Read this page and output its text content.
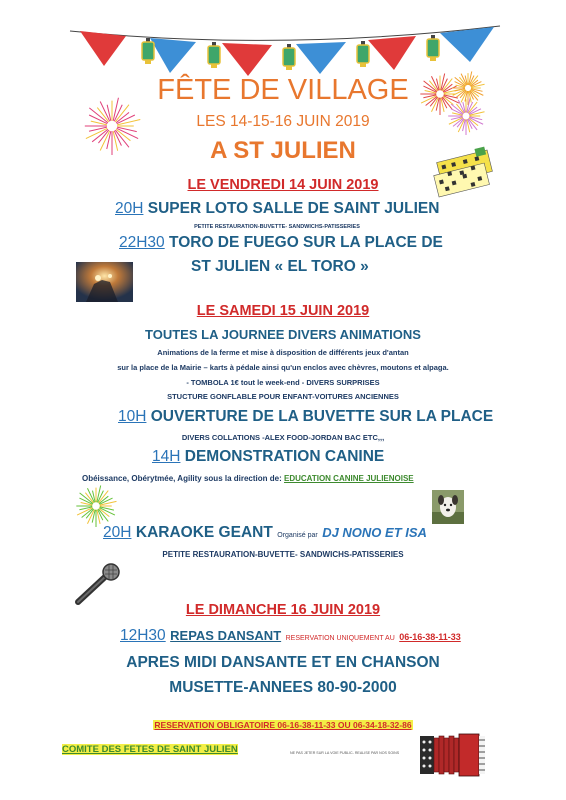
FÊTE DE VILLAGE
LES 14-15-16 JUIN 2019
A ST JULIEN
LE VENDREDI 14 JUIN 2019
20H SUPER LOTO SALLE DE SAINT JULIEN
PETITE RESTAURATION-BUVETTE- SANDWICHS-PATISSERIES
22H30 TORO DE FUEGO SUR LA PLACE DE
ST JULIEN « EL TORO »
LE SAMEDI 15 JUIN 2019
TOUTES LA JOURNEE DIVERS ANIMATIONS
Animations de la ferme et mise à disposition de différents jeux d'antan
sur la place de la Mairie – karts à pédale ainsi qu'un enclos avec chèvres, moutons et alpaga.
- TOMBOLA 1€ tout le week-end - DIVERS SURPRISES
STUCTURE GONFLABLE POUR ENFANT-VOITURES ANCIENNES
10H OUVERTURE DE LA BUVETTE SUR LA PLACE
DIVERS COLLATIONS -ALEX FOOD-JORDAN BAC ETC,,,
14H DEMONSTRATION CANINE
Obéissance, Obérytmée, Agility sous la direction de: EDUCATION CANINE JULIENOISE
20H KARAOKE GEANT Organisé par DJ NONO ET ISA
PETITE RESTAURATION-BUVETTE- SANDWICHS-PATISSERIES
LE DIMANCHE 16 JUIN 2019
12H30 REPAS DANSANT RESERVATION UNIQUEMENT AU 06-16-38-11-33
APRES MIDI DANSANTE ET EN CHANSON
MUSETTE-ANNEES 80-90-2000
RESERVATION OBLIGATOIRE 06-16-38-11-33 OU 06-34-18-32-86
COMITE DES FETES DE SAINT JULIEN	NE PAS JETER SUR LA VOIE PUBLIC- REALISE PAR NOS SOINS
